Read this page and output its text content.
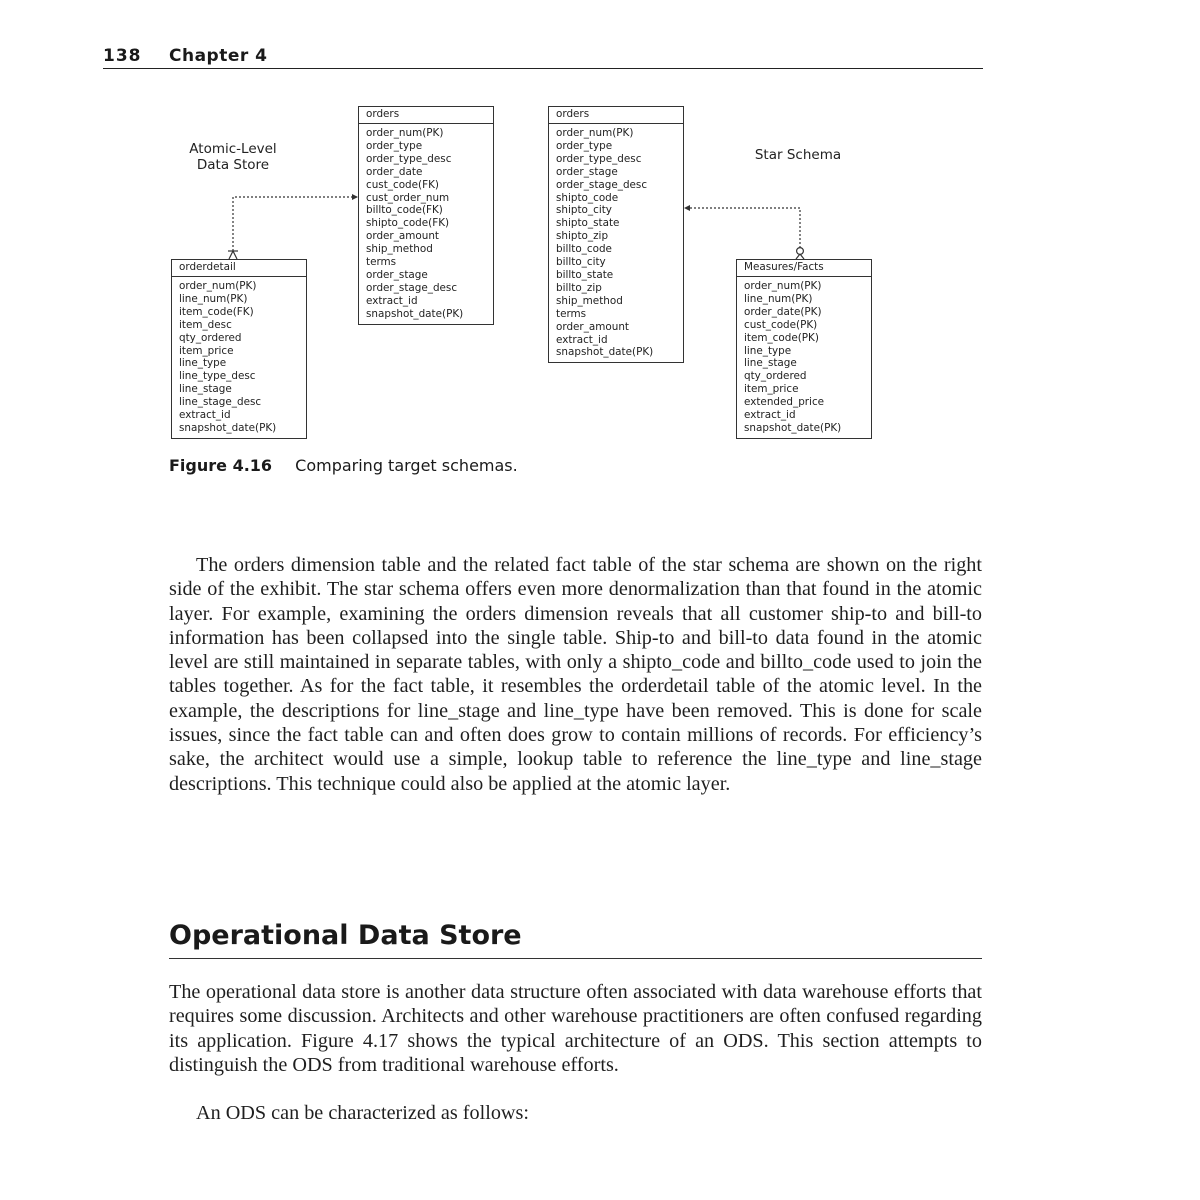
138 Chapter 4
Atomic-Level
Data Store
Star Schema
orders
order_num(PK)
order_type
order_type_desc
order_date
cust_code(FK)
cust_order_num
billto_code(FK)
shipto_code(FK)
order_amount
ship_method
terms
order_stage
order_stage_desc
extract_id
snapshot_date(PK)
orderdetail
order_num(PK)
line_num(PK)
item_code(FK)
item_desc
qty_ordered
item_price
line_type
line_type_desc
line_stage
line_stage_desc
extract_id
snapshot_date(PK)
orders
order_num(PK)
order_type
order_type_desc
order_stage
order_stage_desc
shipto_code
shipto_city
shipto_state
shipto_zip
billto_code
billto_city
billto_state
billto_zip
ship_method
terms
order_amount
extract_id
snapshot_date(PK)
Measures/Facts
order_num(PK)
line_num(PK)
order_date(PK)
cust_code(PK)
item_code(PK)
line_type
line_stage
qty_ordered
item_price
extended_price
extract_id
snapshot_date(PK)
Figure 4.16 Comparing target schemas.
The orders dimension table and the related fact table of the star schema are shown on the right side of the exhibit. The star schema offers even more denormalization than that found in the atomic layer. For example, examining the orders dimension reveals that all customer ship-to and bill-to information has been collapsed into the single table. Ship-to and bill-to data found in the atomic level are still maintained in separate tables, with only a shipto_code and billto_code used to join the tables together. As for the fact table, it resembles the orderdetail table of the atomic level. In the example, the descriptions for line_stage and line_type have been removed. This is done for scale issues, since the fact table can and often does grow to contain millions of records. For efficiency’s sake, the architect would use a simple, lookup table to reference the line_type and line_stage descriptions. This technique could also be applied at the atomic layer.
Operational Data Store
The operational data store is another data structure often associated with data warehouse efforts that requires some discussion. Architects and other warehouse practitioners are often confused regarding its application. Figure 4.17 shows the typical architecture of an ODS. This section attempts to distinguish the ODS from traditional warehouse efforts.
An ODS can be characterized as follows:
